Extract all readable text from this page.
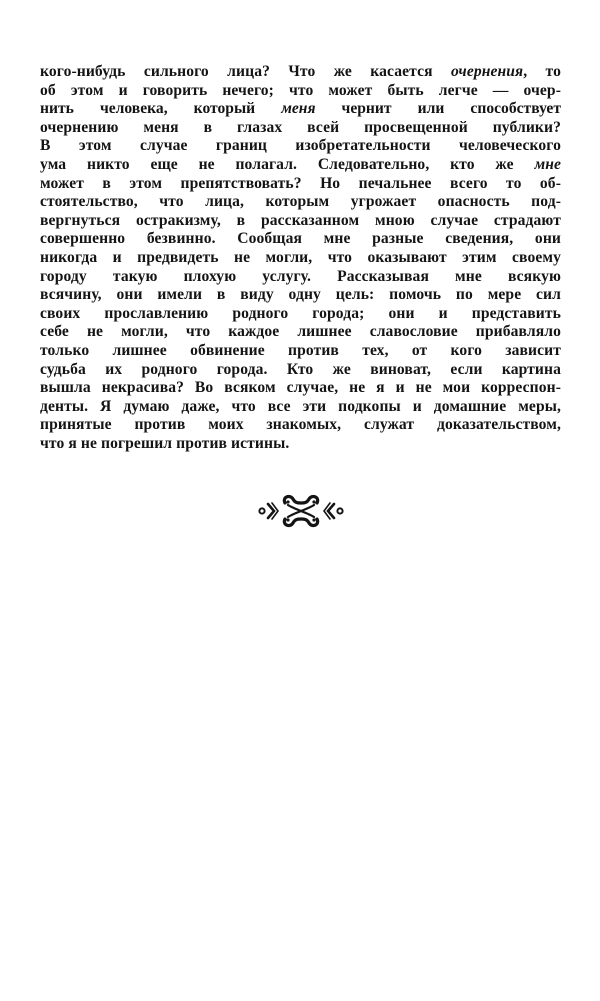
кого-нибудь сильного лица? Что же касается очернения, то
об этом и говорить нечего; что может быть легче — очер-
нить человека, который меня чернит или способствует
очернению меня в глазах всей просвещенной публики?
В этом случае границ изобретательности человеческого
ума никто еще не полагал. Следовательно, кто же мне
может в этом препятствовать? Но печальнее всего то об-
стоятельство, что лица, которым угрожает опасность под-
вергнуться остракизму, в рассказанном мною случае страдают
совершенно безвинно. Сообщая мне разные сведения, они
никогда и предвидеть не могли, что оказывают этим своему
городу такую плохую услугу. Рассказывая мне всякую
всячину, они имели в виду одну цель: помочь по мере сил
своих прославлению родного города; они и представить
себе не могли, что каждое лишнее славословие прибавляло
только лишнее обвинение против тех, от кого зависит
судьба их родного города. Кто же виноват, если картина
вышла некрасива? Во всяком случае, не я и не мои корреспон-
денты. Я думаю даже, что все эти подкопы и домашние меры,
принятые против моих знакомых, служат доказательством,
что я не погрешил против истины.
